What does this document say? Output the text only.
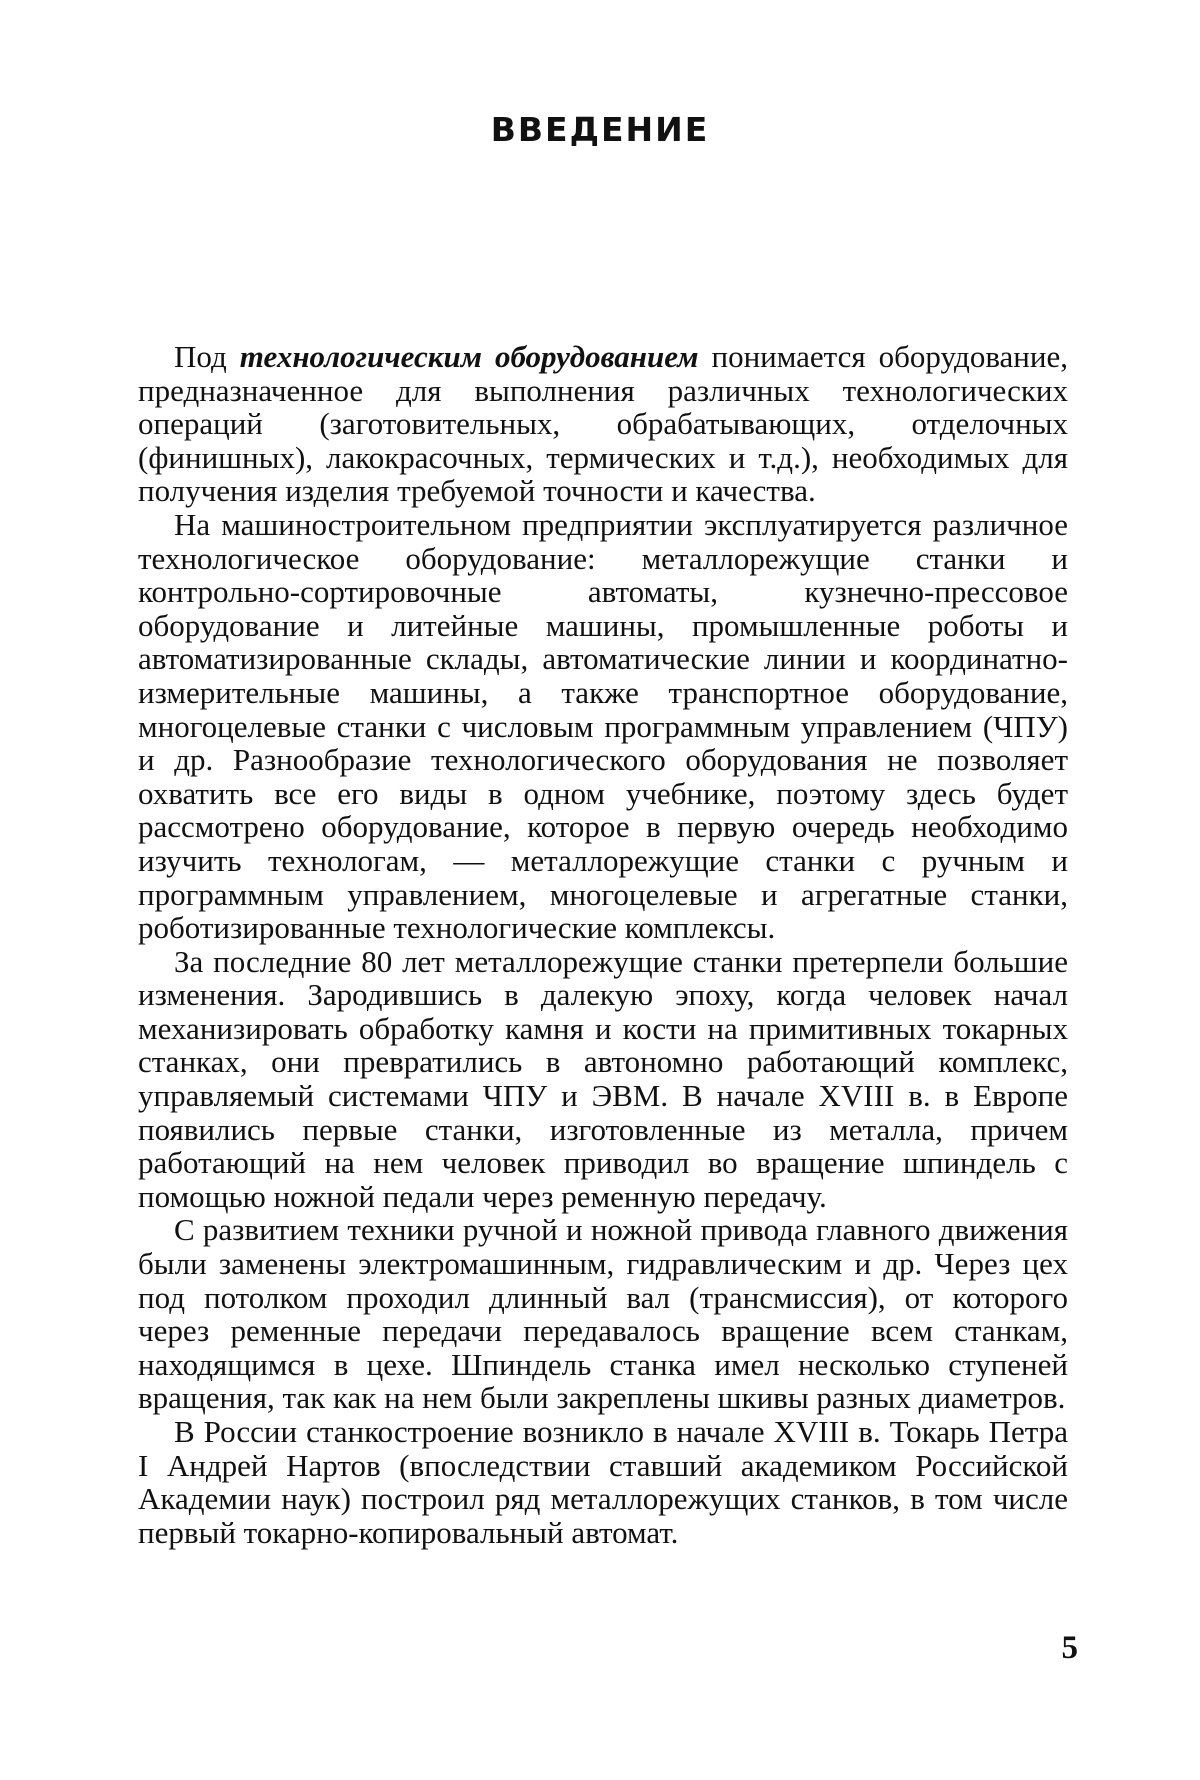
ВВЕДЕНИЕ

Под технологическим оборудованием понимается оборудование, предназначенное для выполнения различных технологических операций (заготовительных, обрабатывающих, отделочных (финишных), лакокрасочных, термических и т.д.), необходимых для получения изделия требуемой точности и качества.

На машиностроительном предприятии эксплуатируется различное технологическое оборудование: металлорежущие станки и контрольно-сортировочные автоматы, кузнечно-прессовое оборудование и литейные машины, промышленные роботы и автоматизированные склады, автоматические линии и координатно-измерительные машины, а также транспортное оборудование, многоцелевые станки с числовым программным управлением (ЧПУ) и др. Разнообразие технологического оборудования не позволяет охватить все его виды в одном учебнике, поэтому здесь будет рассмотрено оборудование, которое в первую очередь необходимо изучить технологам, — металлорежущие станки с ручным и программным управлением, многоцелевые и агрегатные станки, роботизированные технологические комплексы.

За последние 80 лет металлорежущие станки претерпели большие изменения. Зародившись в далекую эпоху, когда человек начал механизировать обработку камня и кости на примитивных токарных станках, они превратились в автономно работающий комплекс, управляемый системами ЧПУ и ЭВМ. В начале XVIII в. в Европе появились первые станки, изготовленные из металла, причем работающий на нем человек приводил во вращение шпиндель с помощью ножной педали через ременную передачу.

С развитием техники ручной и ножной привода главного движения были заменены электромашинным, гидравлическим и др. Через цех под потолком проходил длинный вал (трансмиссия), от которого через ременные передачи передавалось вращение всем станкам, находящимся в цехе. Шпиндель станка имел несколько ступеней вращения, так как на нем были закреплены шкивы разных диаметров.

В России станкостроение возникло в начале XVIII в. Токарь Петра I Андрей Нартов (впоследствии ставший академиком Российской Академии наук) построил ряд металлорежущих станков, в том числе первый токарно-копировальный автомат.

5
